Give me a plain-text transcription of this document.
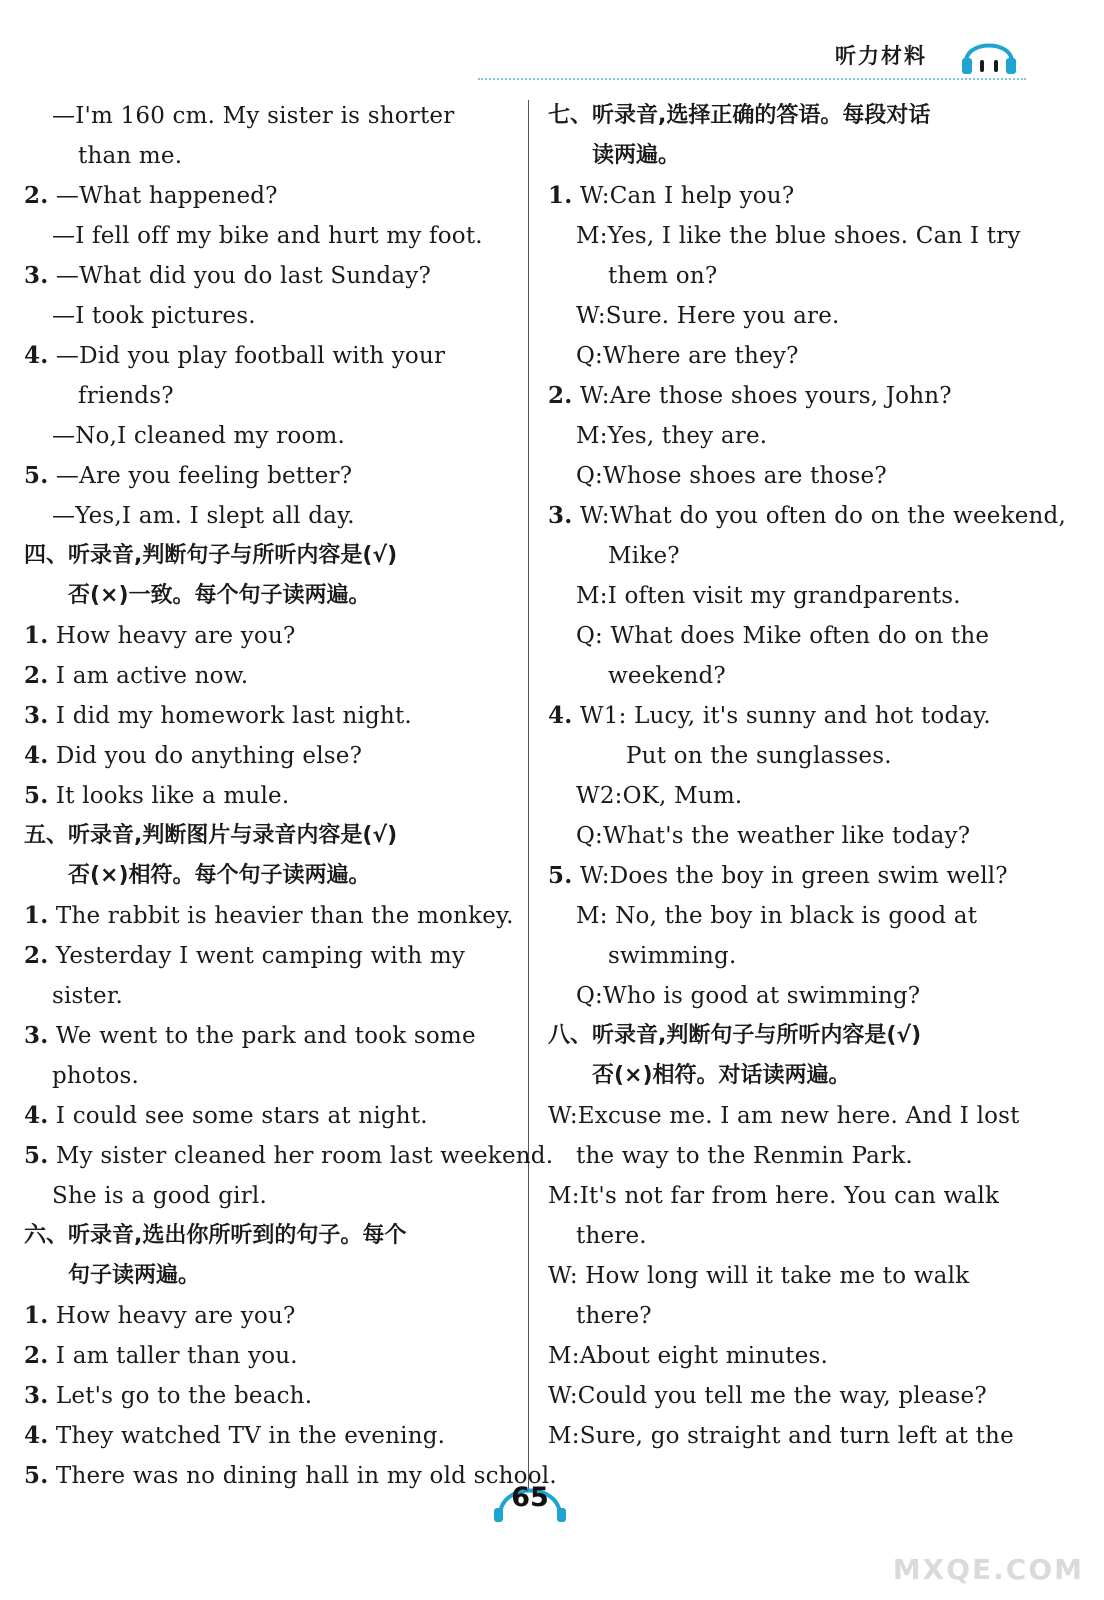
听力材料
—I'm 160 cm. My sister is shorter
than me.
2. —What happened?
—I fell off my bike and hurt my foot.
3. —What did you do last Sunday?
—I took pictures.
4. —Did you play football with your
friends?
—No,I cleaned my room.
5. —Are you feeling better?
—Yes,I am. I slept all day.
四、听录音,判断句子与所听内容是(√)
否(×)一致。每个句子读两遍。
1. How heavy are you?
2. I am active now.
3. I did my homework last night.
4. Did you do anything else?
5. It looks like a mule.
五、听录音,判断图片与录音内容是(√)
否(×)相符。每个句子读两遍。
1. The rabbit is heavier than the monkey.
2. Yesterday I went camping with my
sister.
3. We went to the park and took some
photos.
4. I could see some stars at night.
5. My sister cleaned her room last weekend.
She is a good girl.
六、听录音,选出你所听到的句子。每个
句子读两遍。
1. How heavy are you?
2. I am taller than you.
3. Let's go to the beach.
4. They watched TV in the evening.
5. There was no dining hall in my old school.
七、听录音,选择正确的答语。每段对话
读两遍。
1. W:Can I help you?
M:Yes, I like the blue shoes. Can I try
them on?
W:Sure. Here you are.
Q:Where are they?
2. W:Are those shoes yours, John?
M:Yes, they are.
Q:Whose shoes are those?
3. W:What do you often do on the weekend,
Mike?
M:I often visit my grandparents.
Q: What does Mike often do on the
weekend?
4. W1: Lucy, it's sunny and hot today.
Put on the sunglasses.
W2:OK, Mum.
Q:What's the weather like today?
5. W:Does the boy in green swim well?
M: No, the boy in black is good at
swimming.
Q:Who is good at swimming?
八、听录音,判断句子与所听内容是(√)
否(×)相符。对话读两遍。
W:Excuse me. I am new here. And I lost
the way to the Renmin Park.
M:It's not far from here. You can walk
there.
W: How long will it take me to walk
there?
M:About eight minutes.
W:Could you tell me the way, please?
M:Sure, go straight and turn left at the
65
MXQE.COM
